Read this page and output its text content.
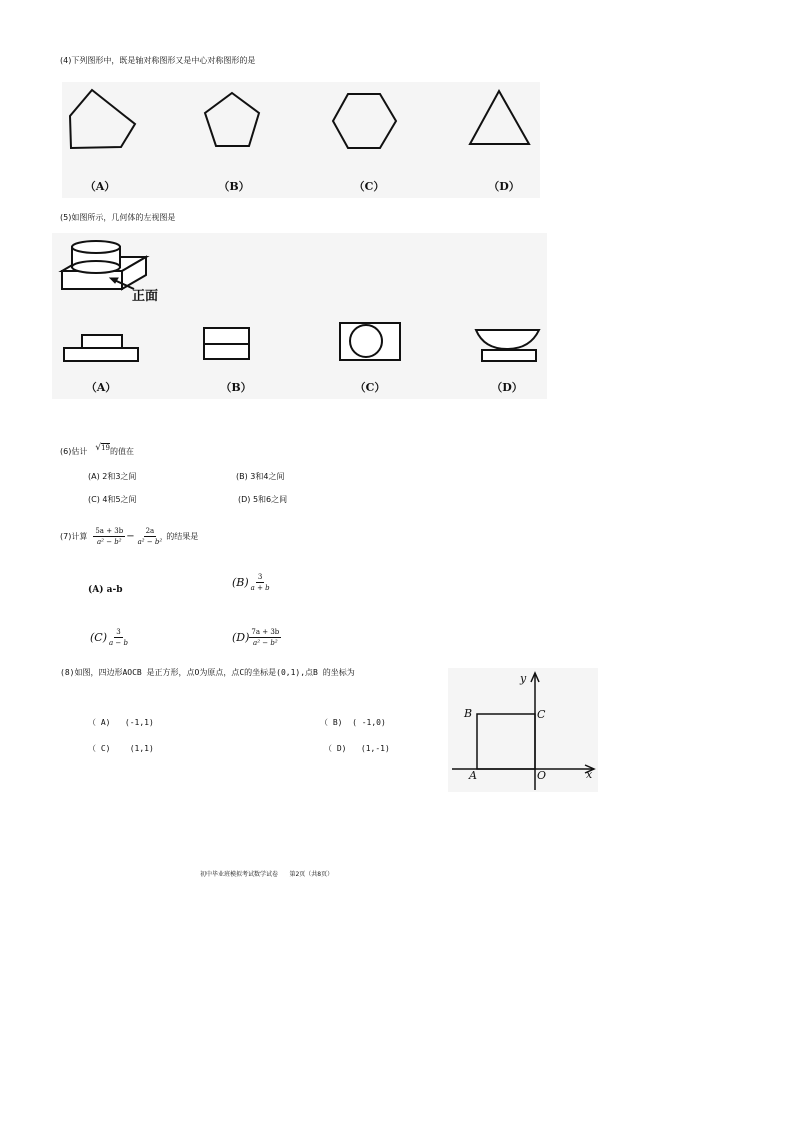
(4)下列图形中，既是轴对称图形又是中心对称图形的是
（A）	（B）	（C）	（D）
(5)如图所示，几何体的左视图是
正面
（A）	（B）	（C）	（D）
(6)估计 √ 19 的值在
(A) 2和3之间	(B) 3和4之间
(C) 4和5之间	(D) 5和6之间
(7)计算 $\frac{5a + 3b}{\text{a² − b²}} - \frac{2a}{\text{a² − b²}}$ 的结果是
(A) a-b
$(B) \frac{3}{a + b}$
$(C) \frac{3}{a - b}$	$(D) \frac{7a + 3b}{\text{a² − b²}}$
(8)如图，四边形AOCB 是正方形，点O为原点，点C的坐标是(0,1),点B 的坐标为
（ A)   (-1,1)	（ B)  ( -1,0)
（ C)    (1,1)	（ D)   (1,-1)
y
x
B	C
A	O
初中毕业班模拟考试数学试卷      第2页（共8页）
